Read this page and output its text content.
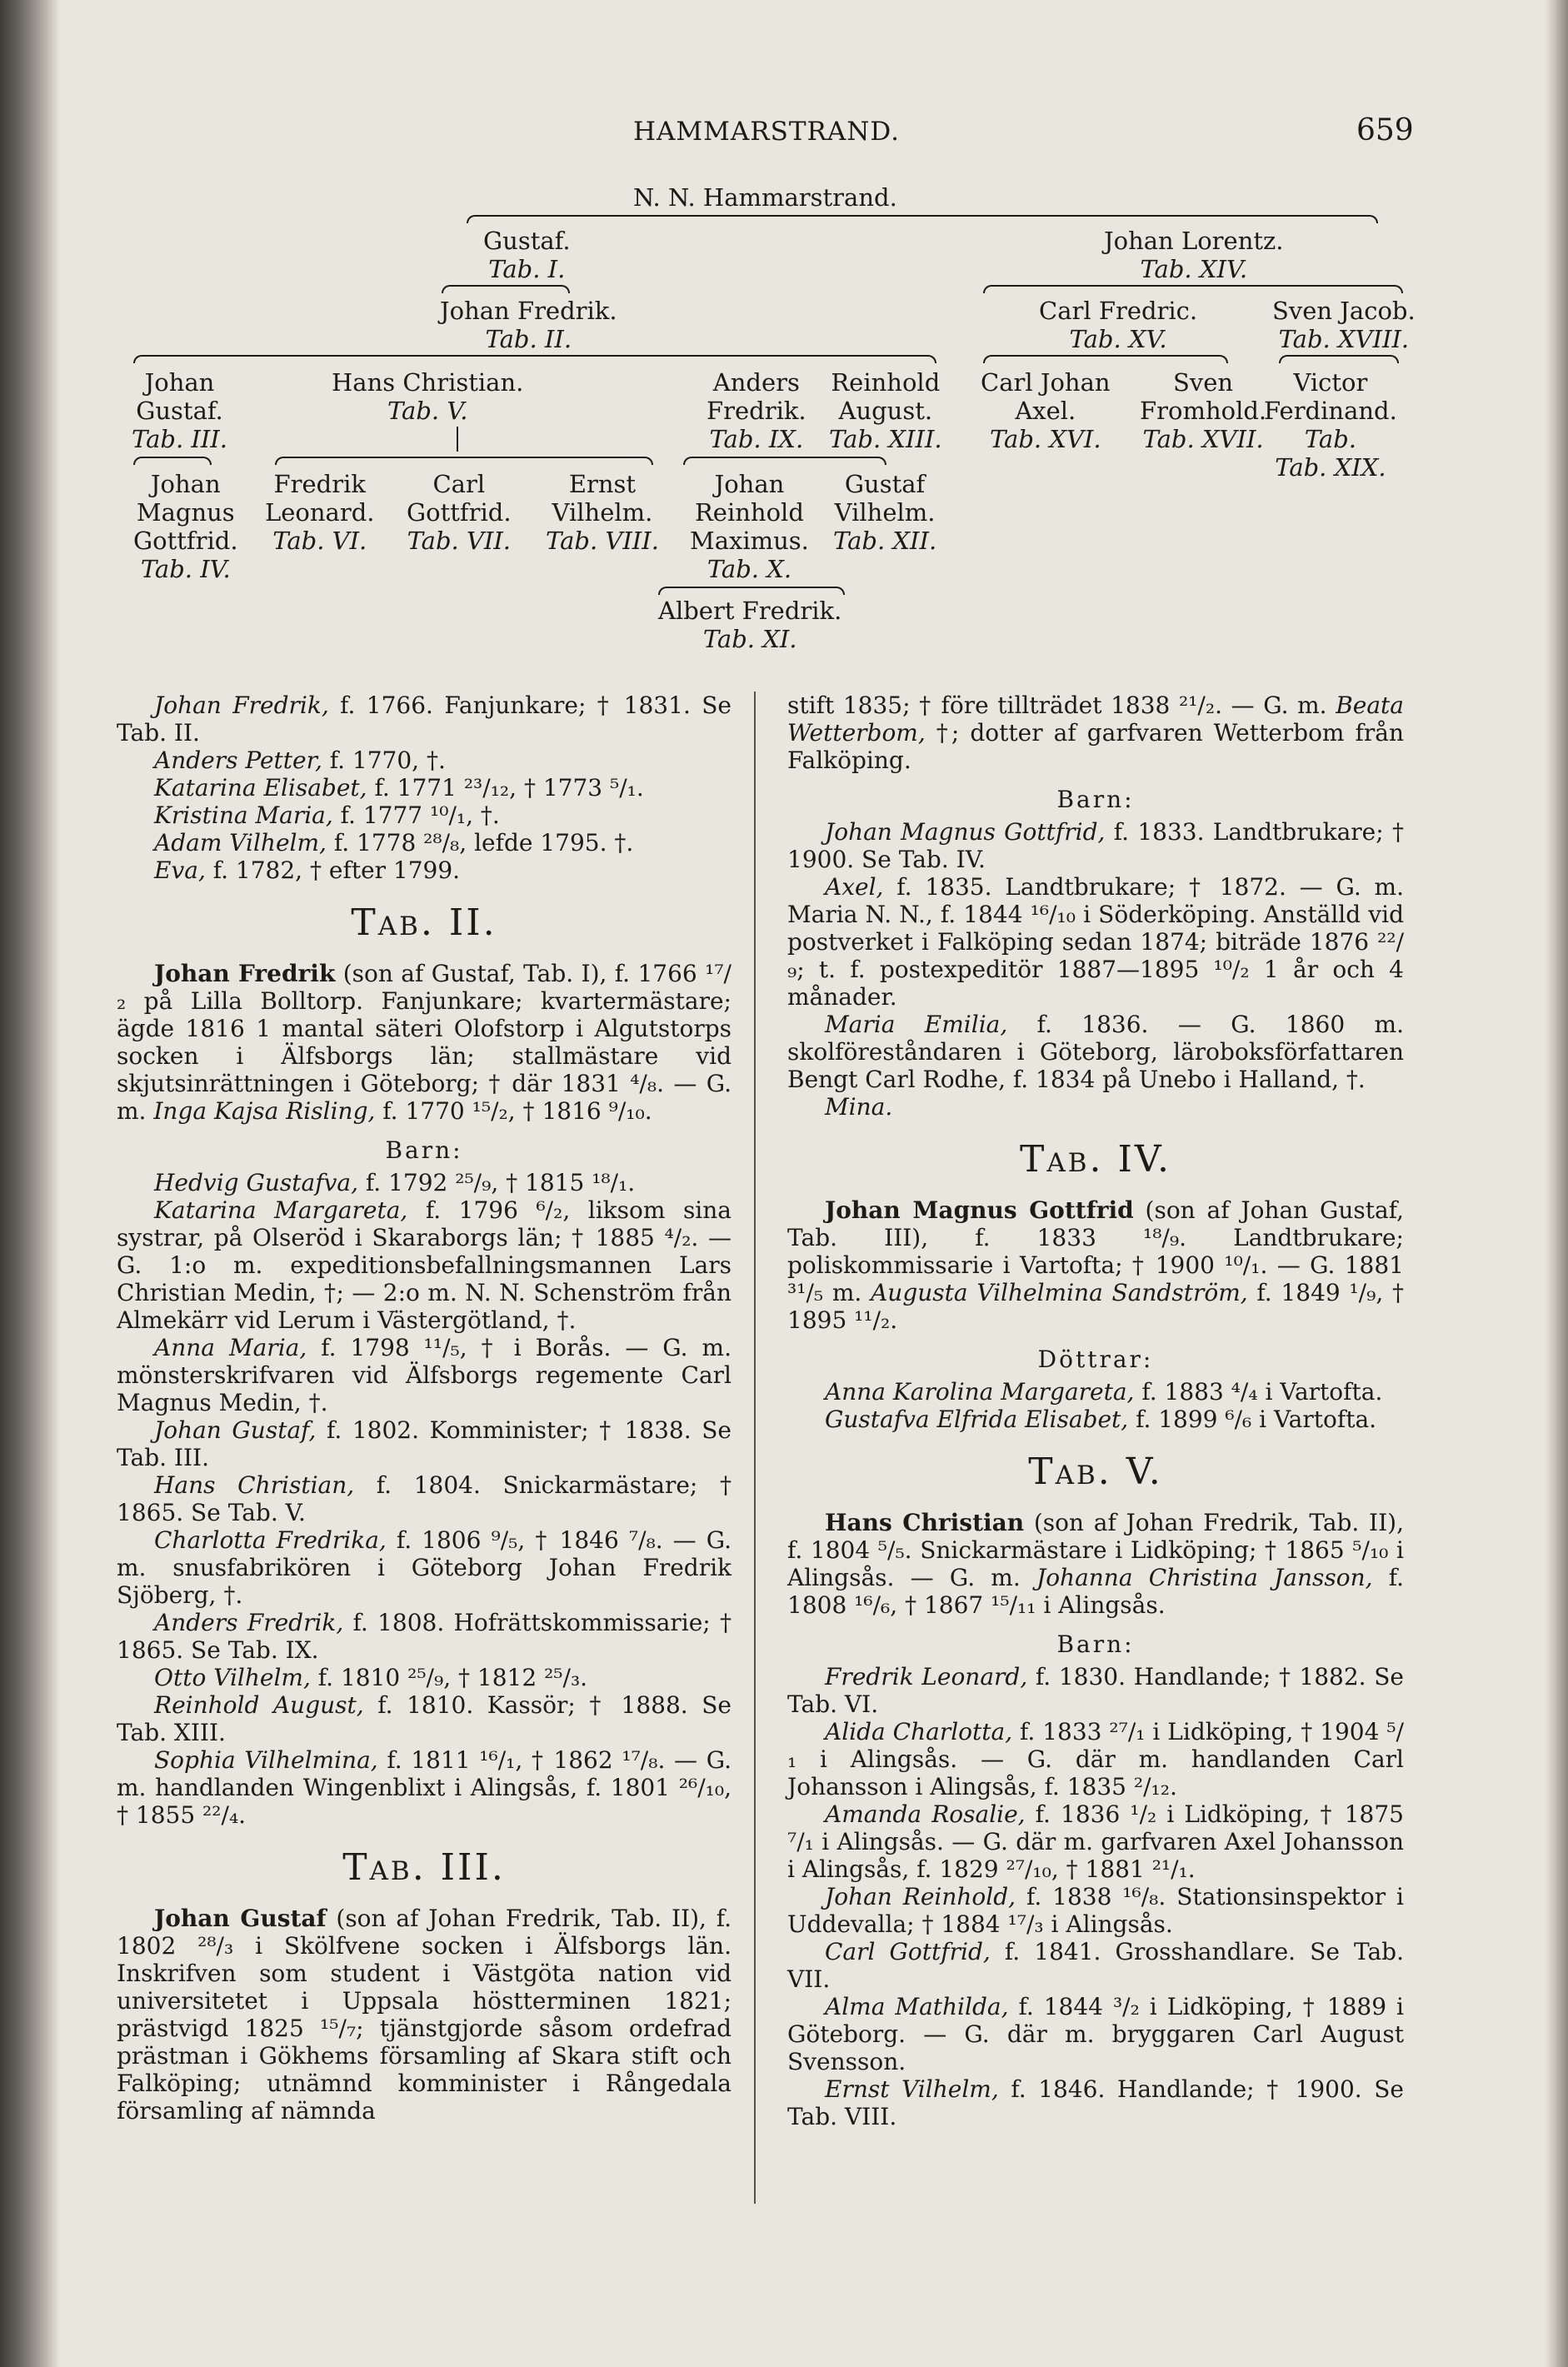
HAMMARSTRAND.	659
N. N. Hammarstrand.
Gustaf.
Tab. I.
Johan Lorentz.
Tab. XIV.
Johan Fredrik.
Tab. II.
Carl Fredric.
Tab. XV.
Sven Jacob.
Tab. XVIII.
Johan
Gustaf.
Tab. III.
Hans Christian.
Tab. V.
Anders
Fredrik.
Tab. IX.
Reinhold
August.
Tab. XIII.
Carl Johan
Axel.
Tab. XVI.
Sven
Fromhold.
Tab. XVII.
Victor
Ferdinand.
Tab.
Tab. XIX.
Johan
Magnus
Gottfrid.
Tab. IV.
Fredrik
Leonard.
Tab. VI.
Carl
Gottfrid.
Tab. VII.
Ernst
Vilhelm.
Tab. VIII.
Johan
Reinhold
Maximus.
Tab. X.
Gustaf
Vilhelm.
Tab. XII.
Albert Fredrik.
Tab. XI.

Johan Fredrik, f. 1766. Fanjunkare; † 1831. Se Tab. II.

Anders Petter, f. 1770, †.

Katarina Elisabet, f. 1771 ²³/₁₂, † 1773 ⁵/₁.

Kristina Maria, f. 1777 ¹⁰/₁, †.

Adam Vilhelm, f. 1778 ²⁸/₈, lefde 1795. †.

Eva, f. 1782, † efter 1799.

Tab. II.

Johan Fredrik (son af Gustaf, Tab. I), f. 1766 ¹⁷/₂ på Lilla Bolltorp. Fanjunkare; kvartermästare; ägde 1816 1 mantal säteri Olofstorp i Algutstorps socken i Älfsborgs län; stallmästare vid skjutsinrättningen i Göteborg; † där 1831 ⁴/₈. — G. m. Inga Kajsa Risling, f. 1770 ¹⁵/₂, † 1816 ⁹/₁₀.

Barn:

Hedvig Gustafva, f. 1792 ²⁵/₉, † 1815 ¹⁸/₁.

Katarina Margareta, f. 1796 ⁶/₂, liksom sina systrar, på Olseröd i Skaraborgs län; † 1885 ⁴/₂. — G. 1:o m. expeditionsbefallningsmannen Lars Christian Medin, †; — 2:o m. N. N. Schenström från Almekärr vid Lerum i Västergötland, †.

Anna Maria, f. 1798 ¹¹/₅, † i Borås. — G. m. mönsterskrifvaren vid Älfsborgs regemente Carl Magnus Medin, †.

Johan Gustaf, f. 1802. Komminister; † 1838. Se Tab. III.

Hans Christian, f. 1804. Snickarmästare; † 1865. Se Tab. V.

Charlotta Fredrika, f. 1806 ⁹/₅, † 1846 ⁷/₈. — G. m. snusfabrikören i Göteborg Johan Fredrik Sjöberg, †.

Anders Fredrik, f. 1808. Hofrättskommissarie; † 1865. Se Tab. IX.

Otto Vilhelm, f. 1810 ²⁵/₉, † 1812 ²⁵/₃.

Reinhold August, f. 1810. Kassör; † 1888. Se Tab. XIII.

Sophia Vilhelmina, f. 1811 ¹⁶/₁, † 1862 ¹⁷/₈. — G. m. handlanden Wingenblixt i Alingsås, f. 1801 ²⁶/₁₀, † 1855 ²²/₄.

Tab. III.

Johan Gustaf (son af Johan Fredrik, Tab. II), f. 1802 ²⁸/₃ i Skölfvene socken i Älfsborgs län. Inskrifven som student i Västgöta nation vid universitetet i Uppsala höstterminen 1821; prästvigd 1825 ¹⁵/₇; tjänstgjorde såsom ordefrad prästman i Gökhems församling af Skara stift och Falköping; utnämnd komminister i Rångedala församling af nämnda

stift 1835; † före tillträdet 1838 ²¹/₂. — G. m. Beata Wetterbom, †; dotter af garfvaren Wetterbom från Falköping.

Barn:

Johan Magnus Gottfrid, f. 1833. Landtbrukare; † 1900. Se Tab. IV.

Axel, f. 1835. Landtbrukare; † 1872. — G. m. Maria N. N., f. 1844 ¹⁶/₁₀ i Söderköping. Anställd vid postverket i Falköping sedan 1874; biträde 1876 ²²/₉; t. f. postexpeditör 1887—1895 ¹⁰/₂ 1 år och 4 månader.

Maria Emilia, f. 1836. — G. 1860 m. skolföreståndaren i Göteborg, läroboksförfattaren Bengt Carl Rodhe, f. 1834 på Unebo i Halland, †.

Mina.

Tab. IV.

Johan Magnus Gottfrid (son af Johan Gustaf, Tab. III), f. 1833 ¹⁸/₉. Landtbrukare; poliskommissarie i Vartofta; † 1900 ¹⁰/₁. — G. 1881 ³¹/₅ m. Augusta Vilhelmina Sandström, f. 1849 ¹/₉, † 1895 ¹¹/₂.

Döttrar:

Anna Karolina Margareta, f. 1883 ⁴/₄ i Vartofta.

Gustafva Elfrida Elisabet, f. 1899 ⁶/₆ i Vartofta.

Tab. V.

Hans Christian (son af Johan Fredrik, Tab. II), f. 1804 ⁵/₅. Snickarmästare i Lidköping; † 1865 ⁵/₁₀ i Alingsås. — G. m. Johanna Christina Jansson, f. 1808 ¹⁶/₆, † 1867 ¹⁵/₁₁ i Alingsås.

Barn:

Fredrik Leonard, f. 1830. Handlande; † 1882. Se Tab. VI.

Alida Charlotta, f. 1833 ²⁷/₁ i Lidköping, † 1904 ⁵/₁ i Alingsås. — G. där m. handlanden Carl Johansson i Alingsås, f. 1835 ²/₁₂.

Amanda Rosalie, f. 1836 ¹/₂ i Lidköping, † 1875 ⁷/₁ i Alingsås. — G. där m. garfvaren Axel Johansson i Alingsås, f. 1829 ²⁷/₁₀, † 1881 ²¹/₁.

Johan Reinhold, f. 1838 ¹⁶/₈. Stationsinspektor i Uddevalla; † 1884 ¹⁷/₃ i Alingsås.

Carl Gottfrid, f. 1841. Grosshandlare. Se Tab. VII.

Alma Mathilda, f. 1844 ³/₂ i Lidköping, † 1889 i Göteborg. — G. där m. bryggaren Carl August Svensson.

Ernst Vilhelm, f. 1846. Handlande; † 1900. Se Tab. VIII.
